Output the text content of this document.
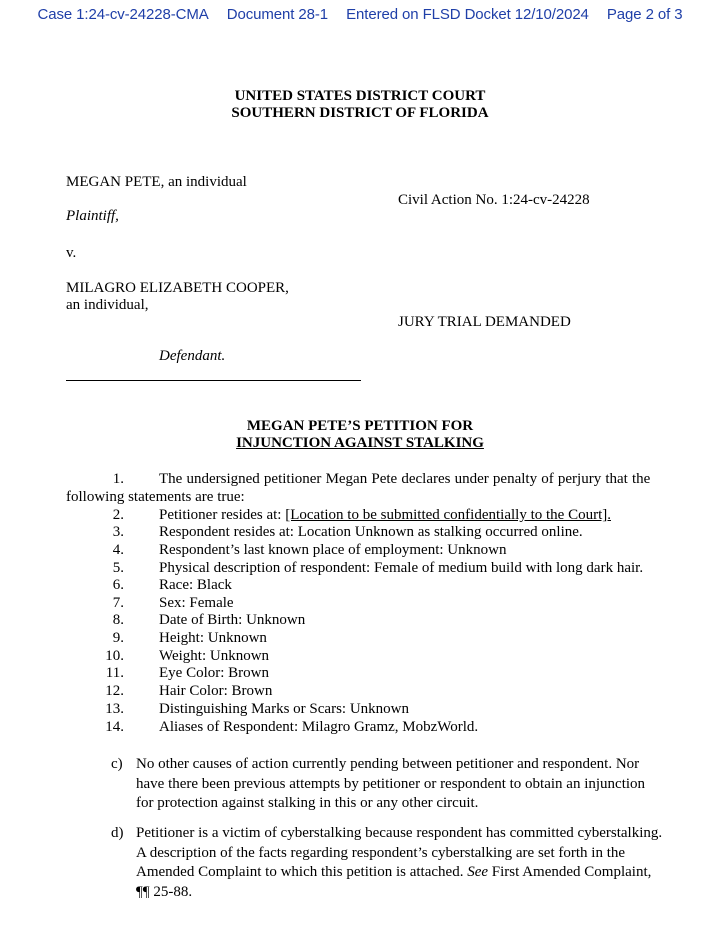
Case 1:24-cv-24228-CMA Document 28-1 Entered on FLSD Docket 12/10/2024 Page 2 of 3
UNITED STATES DISTRICT COURT
SOUTHERN DISTRICT OF FLORIDA
MEGAN PETE, an individual
Plaintiff,
v.
MILAGRO ELIZABETH COOPER,
an individual,
Defendant.
Civil Action No. 1:24-cv-24228
JURY TRIAL DEMANDED
MEGAN PETE’S PETITION FOR
INJUNCTION AGAINST STALKING
1. The undersigned petitioner Megan Pete declares under penalty of perjury that the
following statements are true:
2. Petitioner resides at: [Location to be submitted confidentially to the Court].
3. Respondent resides at: Location Unknown as stalking occurred online.
4. Respondent’s last known place of employment: Unknown
5. Physical description of respondent: Female of medium build with long dark hair.
6. Race: Black
7. Sex: Female
8. Date of Birth: Unknown
9. Height: Unknown
10. Weight: Unknown
11. Eye Color: Brown
12. Hair Color: Brown
13. Distinguishing Marks or Scars: Unknown
14. Aliases of Respondent: Milagro Gramz, MobzWorld.
c) No other causes of action currently pending between petitioner and respondent. Nor
have there been previous attempts by petitioner or respondent to obtain an injunction
for protection against stalking in this or any other circuit.
d) Petitioner is a victim of cyberstalking because respondent has committed cyberstalking.
A description of the facts regarding respondent’s cyberstalking are set forth in the
Amended Complaint to which this petition is attached. See First Amended Complaint,
¶¶ 25-88.
